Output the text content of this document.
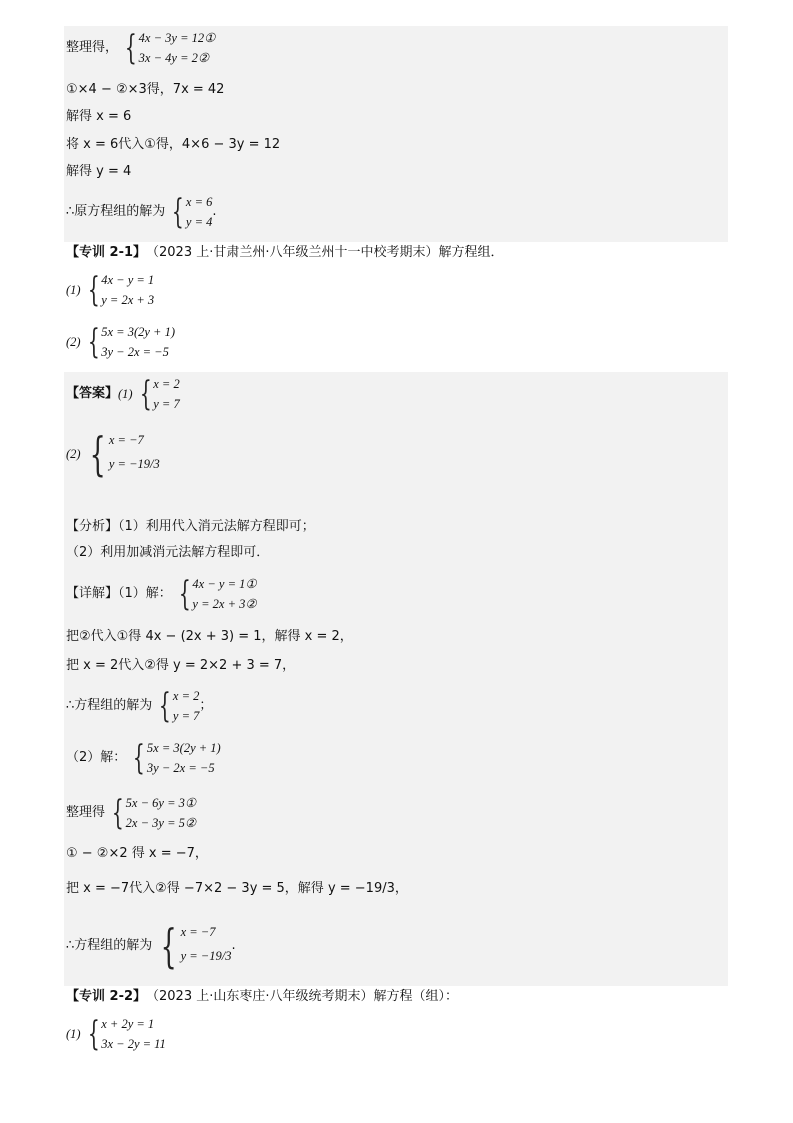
整理得， { 4x − 3y = 12①
3x − 4y = 2②
①×4 − ②×3得，7x = 42
解得 x = 6
将 x = 6代入①得，4×6 − 3y = 12
解得 y = 4
∴原方程组的解为 { x = 6
y = 4
.
【专训 2-1】 （2023 上·甘肃兰州·八年级兰州十一中校考期末）解方程组．
(1) { 4x − y = 1
y = 2x + 3
(2) { 5x = 3(2y + 1)
3y − 2x = −5
【答案】 (1) { x = 2
y = 7
(2) { x = −7
y = −19/3
【分析】（1）利用代入消元法解方程即可；
（2）利用加减消元法解方程即可．
【详解】（1）解： { 4x − y = 1①
y = 2x + 3②
把②代入①得 4x − (2x + 3) = 1，解得 x = 2，
把 x = 2代入②得 y = 2×2 + 3 = 7，
∴方程组的解为 { x = 2
y = 7
；
（2）解： { 5x = 3(2y + 1)
3y − 2x = −5
整理得 { 5x − 6y = 3①
2x − 3y = 5②
① − ②×2 得 x = −7，
把 x = −7代入②得 −7×2 − 3y = 5，解得 y = −19/3，
∴方程组的解为 { x = −7
y = −19/3
.
【专训 2-2】 （2023 上·山东枣庄·八年级统考期末）解方程（组）：
(1) { x + 2y = 1
3x − 2y = 11
